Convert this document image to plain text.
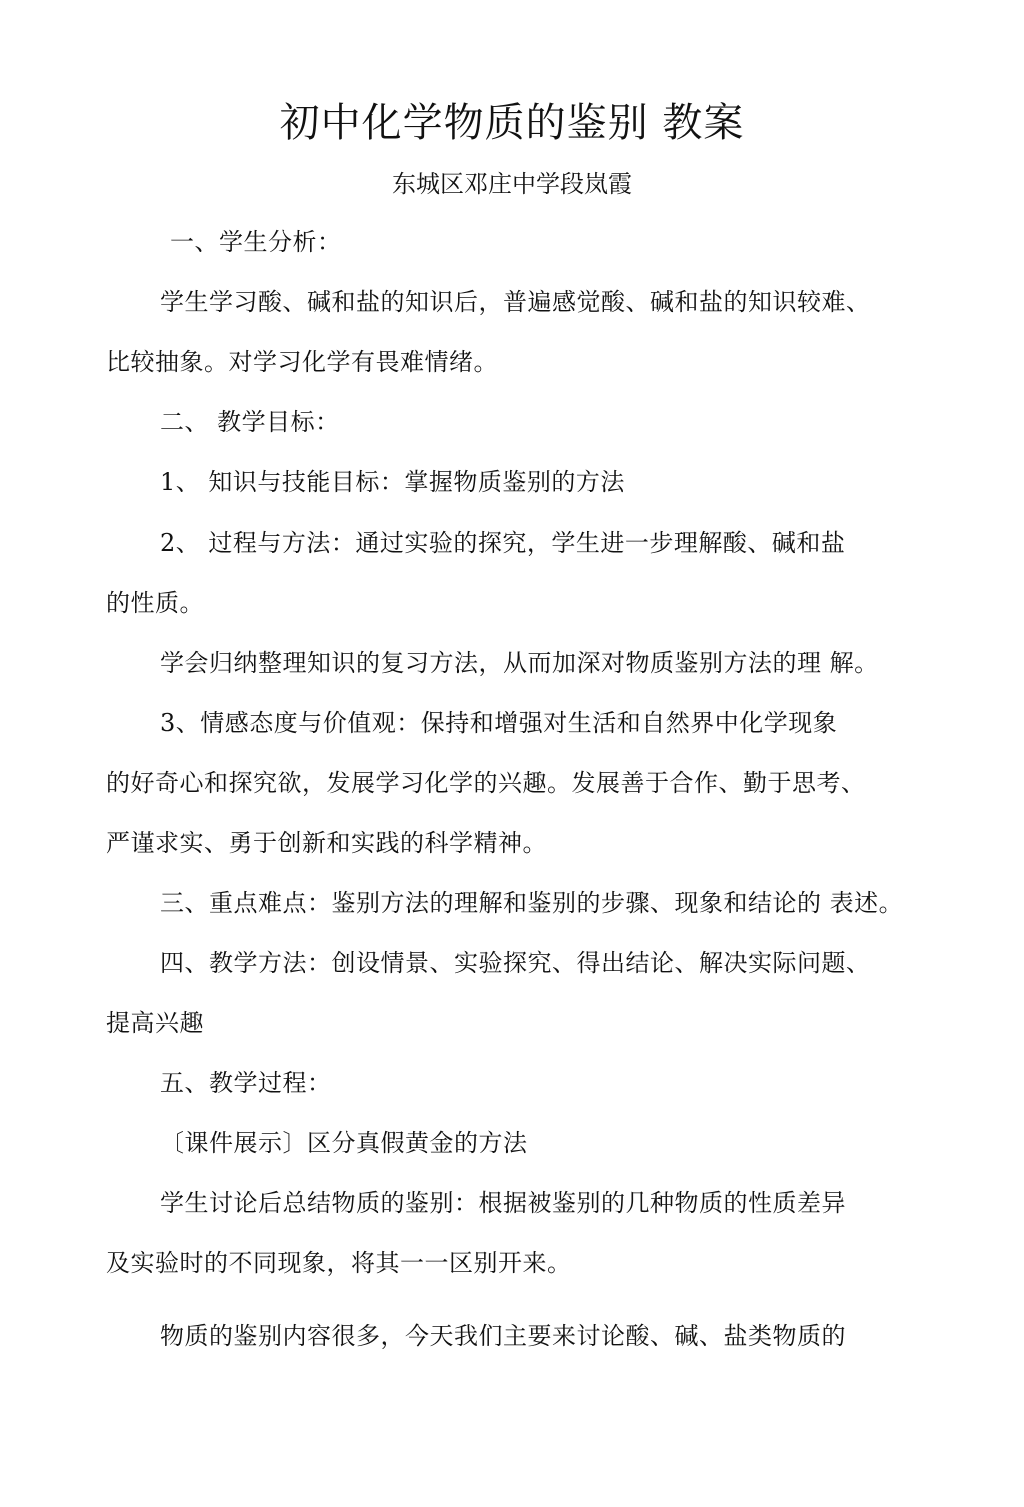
初中化学物质的鉴别 教案
东城区邓庄中学段岚霞
一、学生分析：
学生学习酸、碱和盐的知识后，普遍感觉酸、碱和盐的知识较难、
比较抽象。对学习化学有畏难情绪。
二、 教学目标：
1、 知识与技能目标：掌握物质鉴别的方法
2、 过程与方法：通过实验的探究，学生进一步理解酸、碱和盐
的性质。
学会归纳整理知识的复习方法，从而加深对物质鉴别方法的理 解。
3、情感态度与价值观：保持和增强对生活和自然界中化学现象
的好奇心和探究欲，发展学习化学的兴趣。发展善于合作、勤于思考、
严谨求实、勇于创新和实践的科学精神。
三、重点难点：鉴别方法的理解和鉴别的步骤、现象和结论的 表述。
四、教学方法：创设情景、实验探究、得出结论、解决实际问题、
提高兴趣
五、教学过程：
〔课件展示〕区分真假黄金的方法
学生讨论后总结物质的鉴别：根据被鉴别的几种物质的性质差异
及实验时的不同现象，将其一一区别开来。
物质的鉴别内容很多，今天我们主要来讨论酸、碱、盐类物质的
